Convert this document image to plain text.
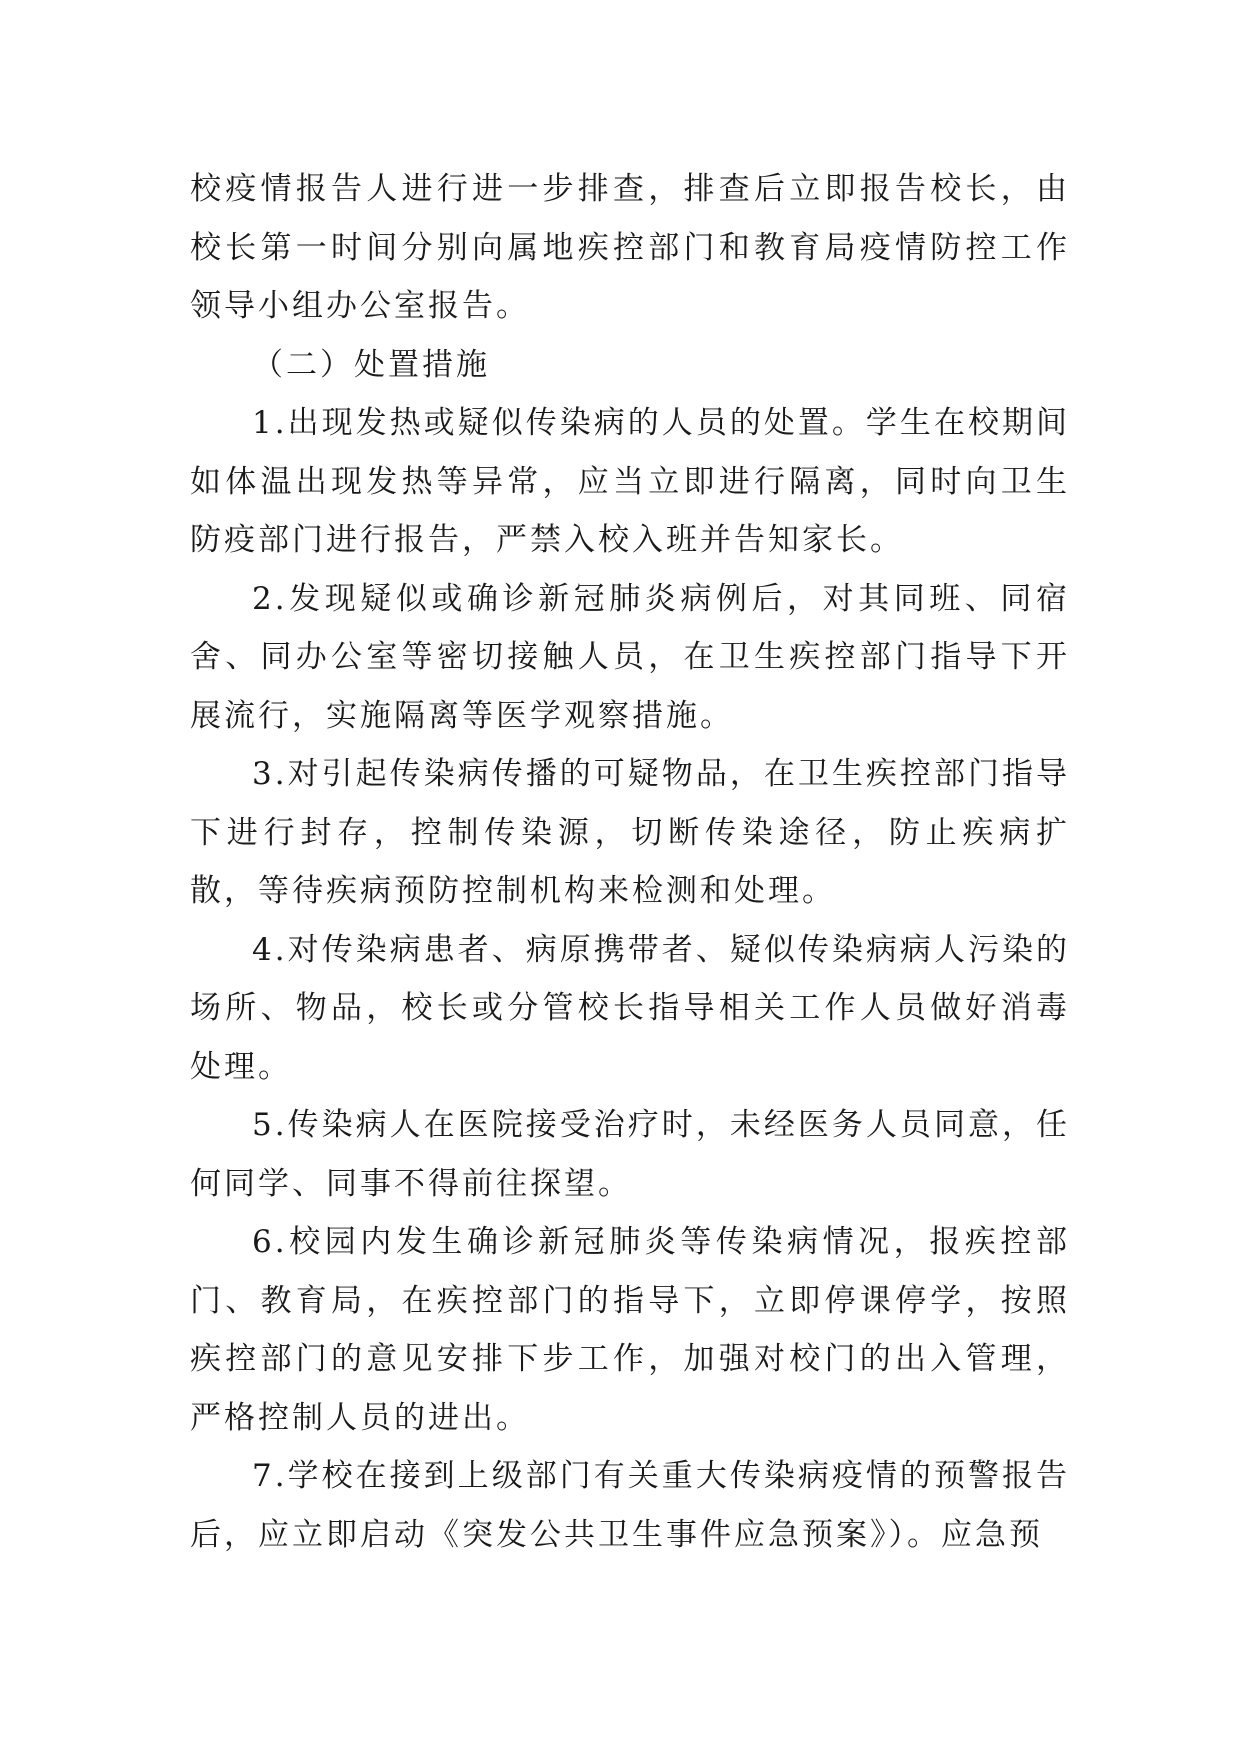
校疫情报告人进行进一步排查，排查后立即报告校长，由校长第一时间分别向属地疾控部门和教育局疫情防控工作领导小组办公室报告。

（二）处置措施

1.出现发热或疑似传染病的人员的处置。学生在校期间如体温出现发热等异常，应当立即进行隔离，同时向卫生防疫部门进行报告，严禁入校入班并告知家长。

2.发现疑似或确诊新冠肺炎病例后，对其同班、同宿舍、同办公室等密切接触人员，在卫生疾控部门指导下开展流行，实施隔离等医学观察措施。

3.对引起传染病传播的可疑物品，在卫生疾控部门指导下进行封存，控制传染源，切断传染途径，防止疾病扩散，等待疾病预防控制机构来检测和处理。

4.对传染病患者、病原携带者、疑似传染病病人污染的场所、物品，校长或分管校长指导相关工作人员做好消毒处理。

5.传染病人在医院接受治疗时，未经医务人员同意，任何同学、同事不得前往探望。

6.校园内发生确诊新冠肺炎等传染病情况，报疾控部门、教育局，在疾控部门的指导下，立即停课停学，按照疾控部门的意见安排下步工作，加强对校门的出入管理，严格控制人员的进出。

7.学校在接到上级部门有关重大传染病疫情的预警报告后，应立即启动《突发公共卫生事件应急预案》）。应急预
